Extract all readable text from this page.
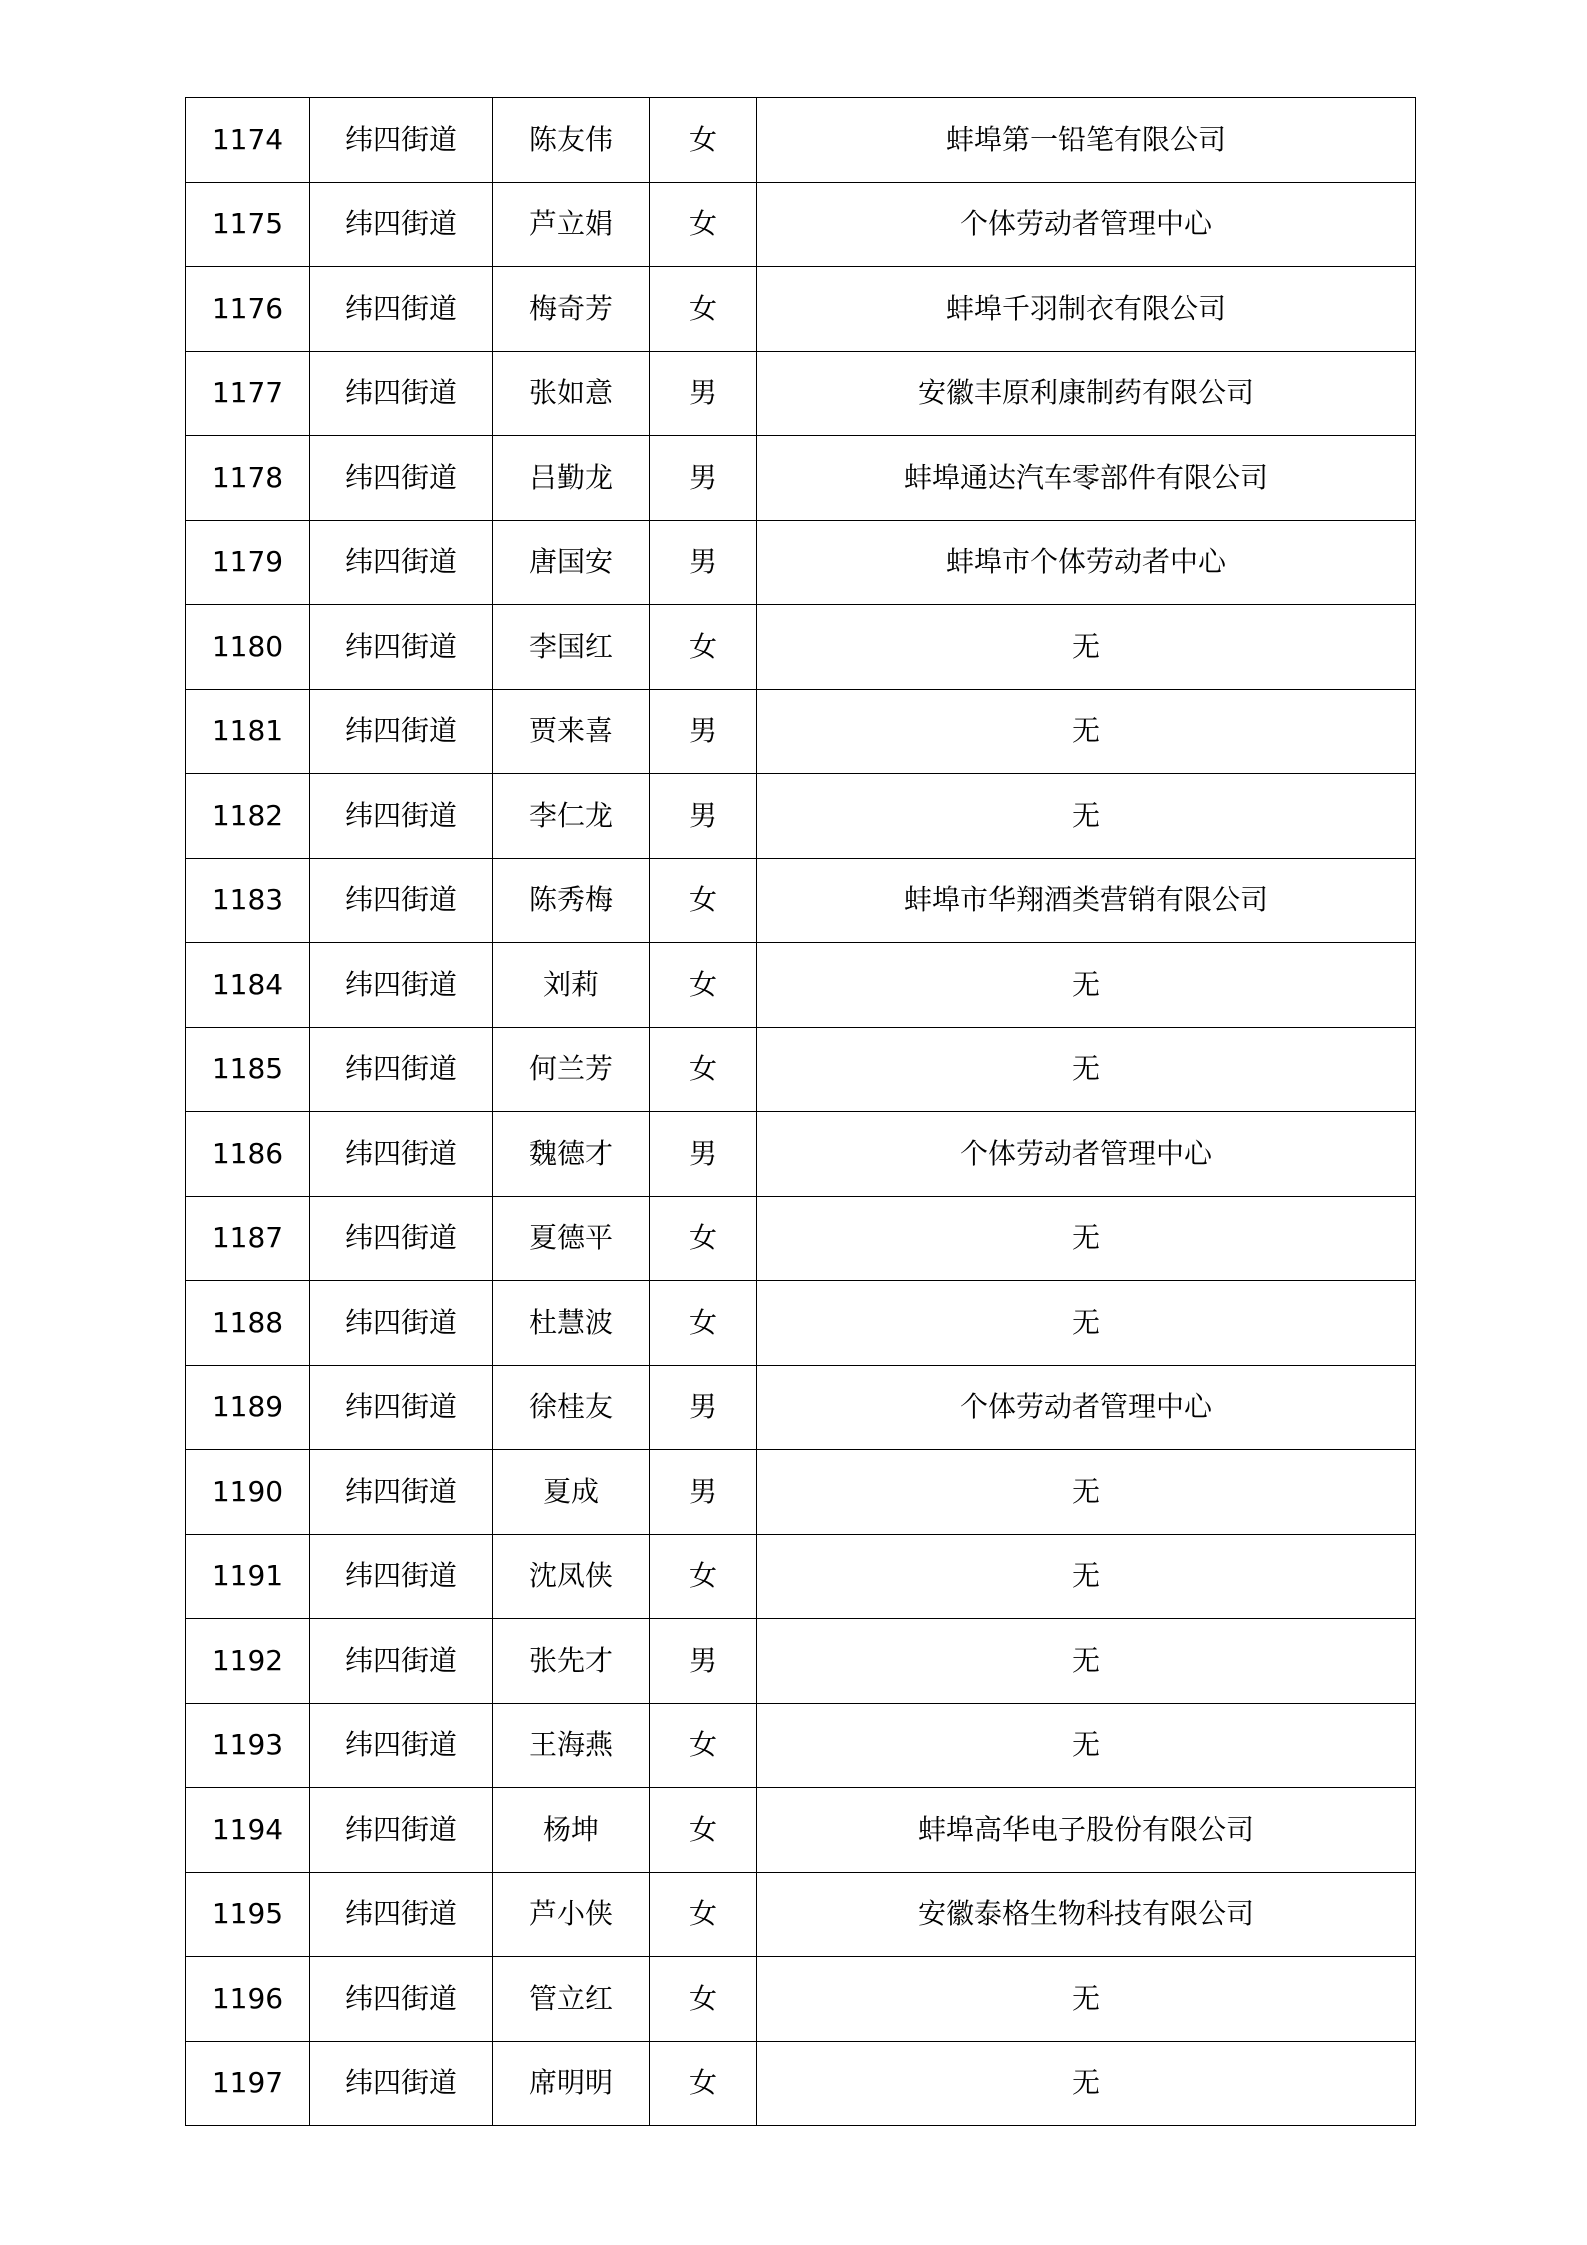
1174	纬四街道	陈友伟	女	蚌埠第一铅笔有限公司
1175	纬四街道	芦立娟	女	个体劳动者管理中心
1176	纬四街道	梅奇芳	女	蚌埠千羽制衣有限公司
1177	纬四街道	张如意	男	安徽丰原利康制药有限公司
1178	纬四街道	吕勤龙	男	蚌埠通达汽车零部件有限公司
1179	纬四街道	唐国安	男	蚌埠市个体劳动者中心
1180	纬四街道	李国红	女	无
1181	纬四街道	贾来喜	男	无
1182	纬四街道	李仁龙	男	无
1183	纬四街道	陈秀梅	女	蚌埠市华翔酒类营销有限公司
1184	纬四街道	刘莉	女	无
1185	纬四街道	何兰芳	女	无
1186	纬四街道	魏德才	男	个体劳动者管理中心
1187	纬四街道	夏德平	女	无
1188	纬四街道	杜慧波	女	无
1189	纬四街道	徐桂友	男	个体劳动者管理中心
1190	纬四街道	夏成	男	无
1191	纬四街道	沈凤侠	女	无
1192	纬四街道	张先才	男	无
1193	纬四街道	王海燕	女	无
1194	纬四街道	杨坤	女	蚌埠高华电子股份有限公司
1195	纬四街道	芦小侠	女	安徽泰格生物科技有限公司
1196	纬四街道	管立红	女	无
1197	纬四街道	席明明	女	无
